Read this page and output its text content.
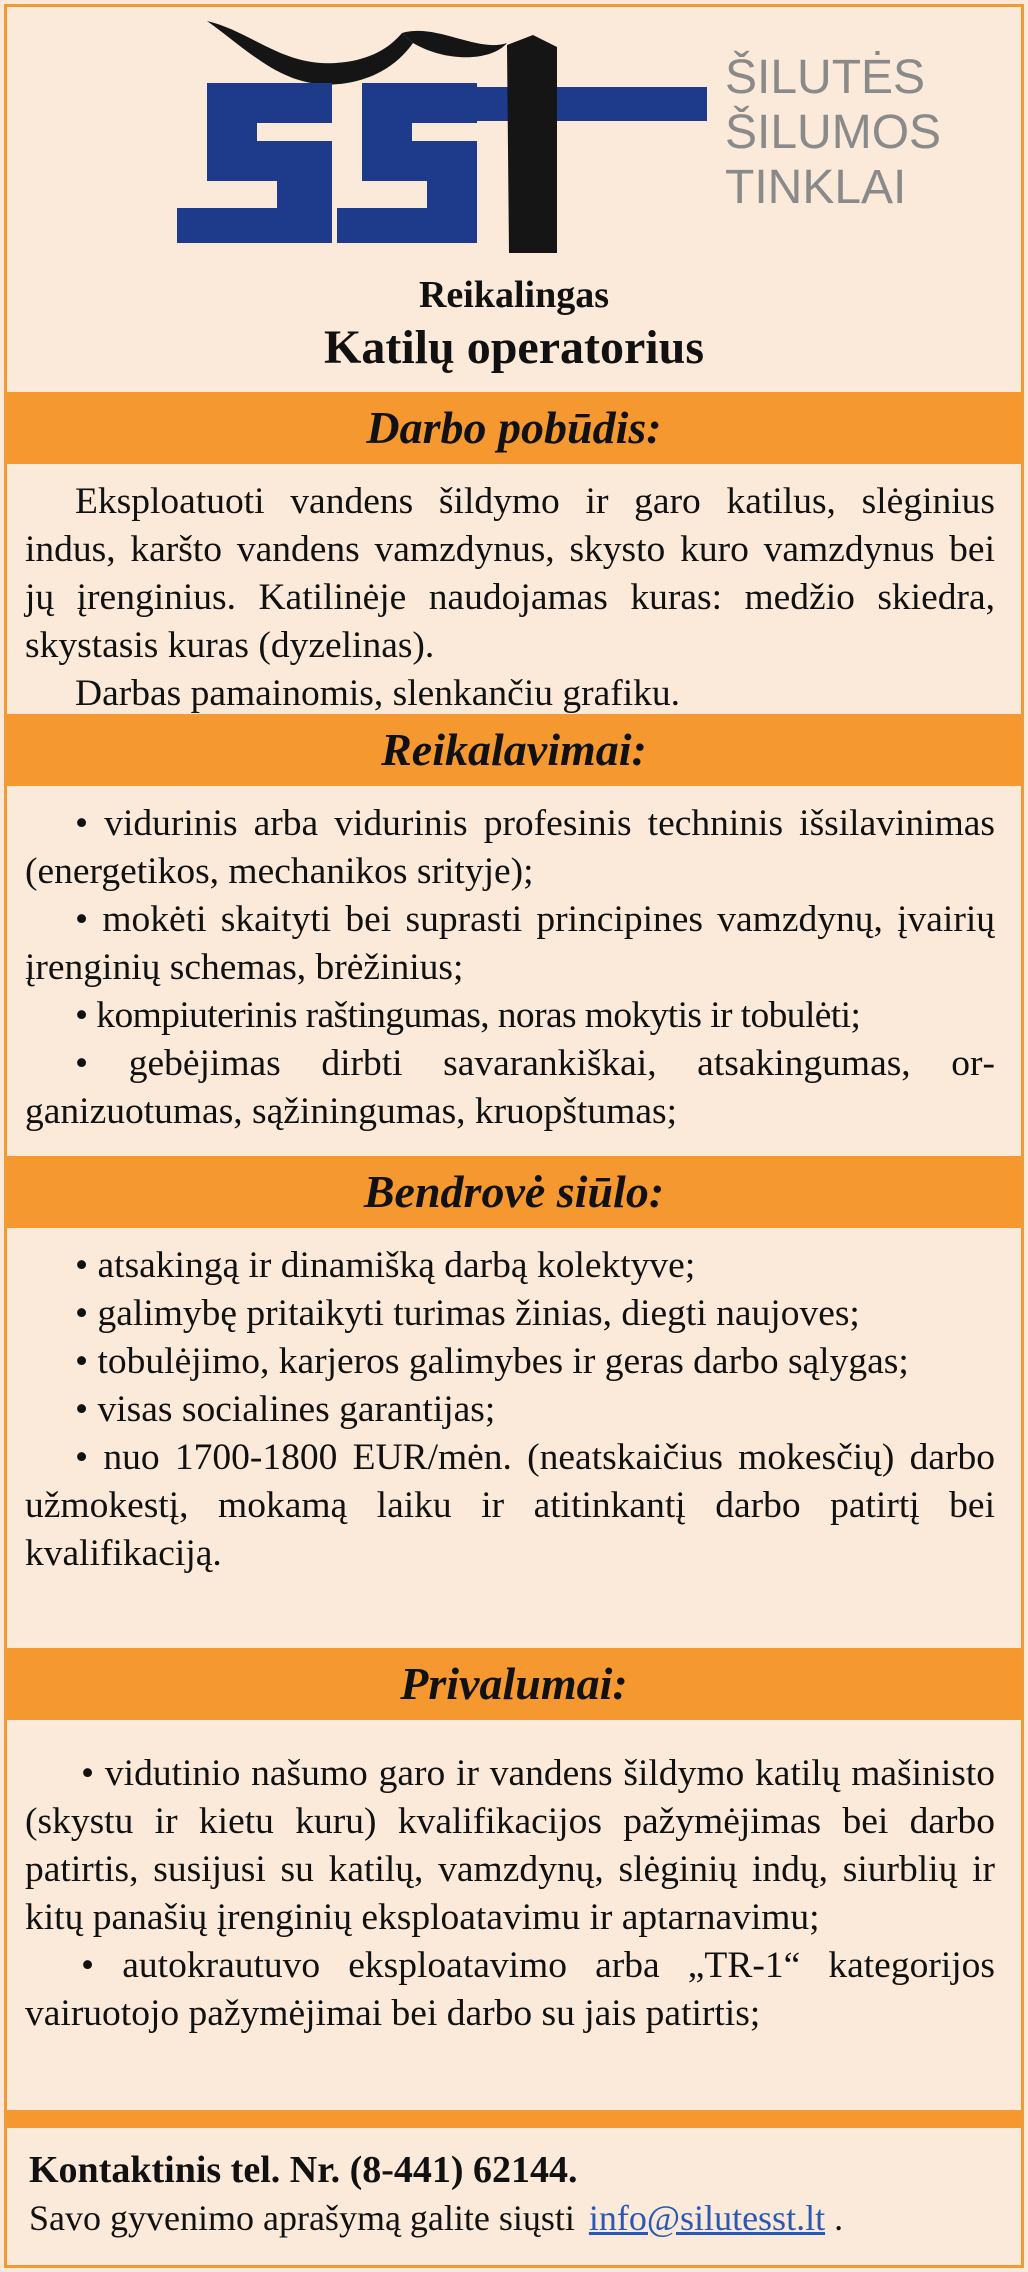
ŠILUTĖS
ŠILUMOS
TINKLAI
Reikalingas
Katilų operatorius
Darbo pobūdis:

Eksploatuoti vandens šildymo ir garo katilus, slėginius indus, karšto vandens vamzdynus, skysto kuro vamzdynus bei jų įrenginius. Katilinėje naudojamas kuras: medžio skiedra, skystasis kuras (dyzelinas).

Darbas pamainomis, slenkančiu grafiku.

Reikalavimai:

• vidurinis arba vidurinis profesinis techninis išsilavinimas (energetikos, mechanikos srityje);

• mokėti skaityti bei suprasti principines vamzdynų, įvairių įrenginių schemas, brėžinius;

• kompiuterinis raštingumas, noras mokytis ir tobulėti;

• gebėjimas dirbti savarankiškai, atsakingumas, organizuotumas, sąžiningumas, kruopštumas;

Bendrovė siūlo:

• atsakingą ir dinamišką darbą kolektyve;

• galimybę pritaikyti turimas žinias, diegti naujoves;

• tobulėjimo, karjeros galimybes ir geras darbo sąlygas;

• visas socialines garantijas;

• nuo 1700-1800 EUR/mėn. (neatskaičius mokesčių) darbo užmokestį, mokamą laiku ir atitinkantį darbo patirtį bei kvalifikaciją.

Privalumai:

• vidutinio našumo garo ir vandens šildymo katilų mašinisto (skystu ir kietu kuru) kvalifikacijos pažymėjimas bei darbo patirtis, susijusi su katilų, vamzdynų, slėginių indų, siurblių ir kitų panašių įrenginių eksploatavimu ir aptarnavimu;

• autokrautuvo eksploatavimo arba „TR-1“ kategorijos vairuotojo pažymėjimai bei darbo su jais patirtis;

Kontaktinis tel. Nr. (8-441) 62144.
Savo gyvenimo aprašymą galite siųsti info@silutesst.lt .
